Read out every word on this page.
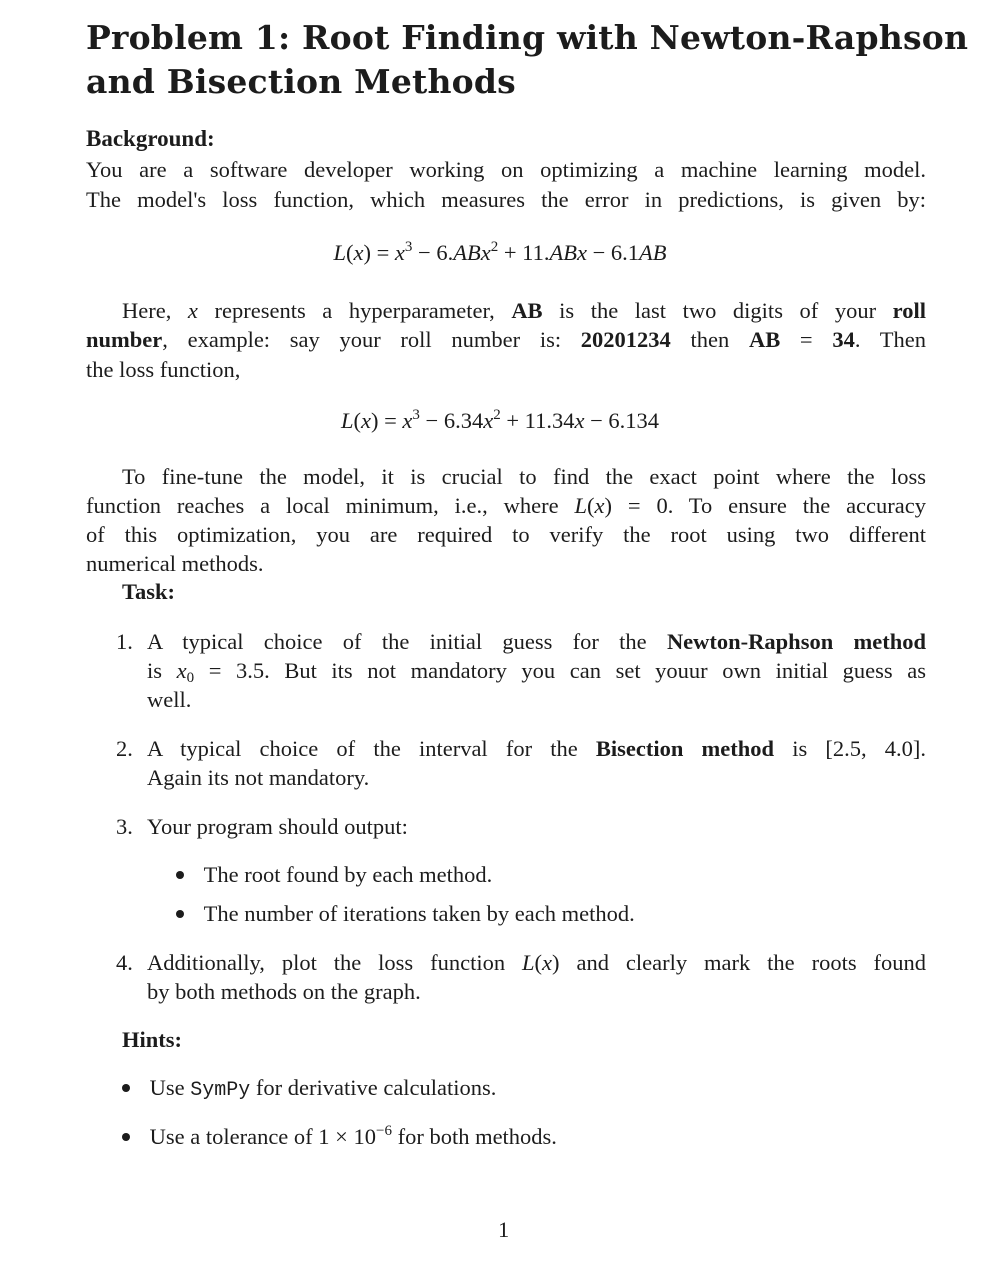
Problem 1: Root Finding with Newton-Raphson
and Bisection Methods
Background:
You are a software developer working on optimizing a machine learning model.
The model's loss function, which measures the error in predictions, is given by:
$L(x) = x^3 - 6.ABx^2 + 11.ABx - 6.1AB$
Here, x represents a hyperparameter, AB is the last two digits of your roll
number, example: say your roll number is: 20201234 then AB = 34. Then
the loss function,
$L(x) = x^3 - 6.34x^2 + 11.34x - 6.134$
To fine-tune the model, it is crucial to find the exact point where the loss
function reaches a local minimum, i.e., where L(x) = 0. To ensure the accuracy
of this optimization, you are required to verify the root using two different
numerical methods.
Task:
1. A typical choice of the initial guess for the Newton-Raphson method
is $x_0 = 3.5$. But its not mandatory you can set youur own initial guess as
well.
2. A typical choice of the interval for the Bisection method is [2.5, 4.0].
Again its not mandatory.
3. Your program should output:
The root found by each method.
The number of iterations taken by each method.
4. Additionally, plot the loss function L(x) and clearly mark the roots found
by both methods on the graph.
Hints:
Use SymPy for derivative calculations.
Use a tolerance of $1 \times 10^{-6}$ for both methods.
1
